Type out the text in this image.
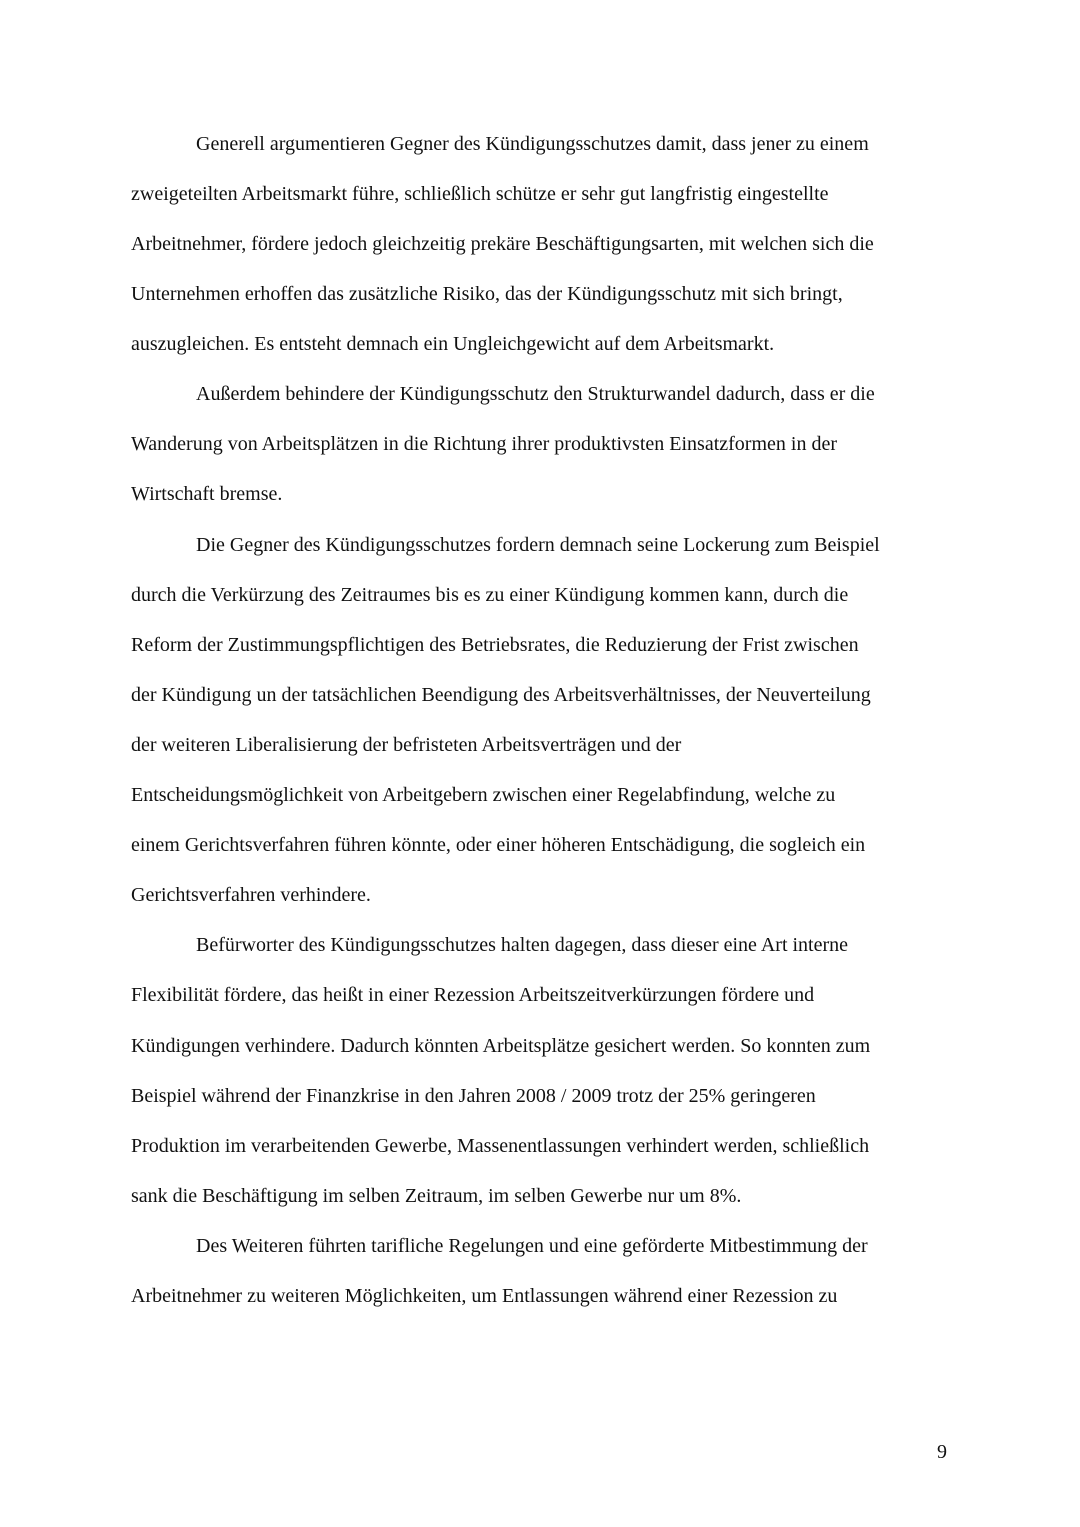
Generell argumentieren Gegner des Kündigungsschutzes damit, dass jener zu einem
zweigeteilten Arbeitsmarkt führe, schließlich schütze er sehr gut langfristig eingestellte
Arbeitnehmer, fördere jedoch gleichzeitig prekäre Beschäftigungsarten, mit welchen sich die
Unternehmen erhoffen das zusätzliche Risiko, das der Kündigungsschutz mit sich bringt,
auszugleichen. Es entsteht demnach ein Ungleichgewicht auf dem Arbeitsmarkt.
Außerdem behindere der Kündigungsschutz den Strukturwandel dadurch, dass er die
Wanderung von Arbeitsplätzen in die Richtung ihrer produktivsten Einsatzformen in der
Wirtschaft bremse.
Die Gegner des Kündigungsschutzes fordern demnach seine Lockerung zum Beispiel
durch die Verkürzung des Zeitraumes bis es zu einer Kündigung kommen kann, durch die
Reform der Zustimmungspflichtigen des Betriebsrates, die Reduzierung der Frist zwischen
der Kündigung un der tatsächlichen Beendigung des Arbeitsverhältnisses, der Neuverteilung
der weiteren Liberalisierung der befristeten Arbeitsverträgen und der
Entscheidungsmöglichkeit von Arbeitgebern zwischen einer Regelabfindung, welche zu
einem Gerichtsverfahren führen könnte, oder einer höheren Entschädigung, die sogleich ein
Gerichtsverfahren verhindere.
Befürworter des Kündigungsschutzes halten dagegen, dass dieser eine Art interne
Flexibilität fördere, das heißt in einer Rezession Arbeitszeitverkürzungen fördere und
Kündigungen verhindere. Dadurch könnten Arbeitsplätze gesichert werden. So konnten zum
Beispiel während der Finanzkrise in den Jahren 2008 / 2009 trotz der 25% geringeren
Produktion im verarbeitenden Gewerbe, Massenentlassungen verhindert werden, schließlich
sank die Beschäftigung im selben Zeitraum, im selben Gewerbe nur um 8%.
Des Weiteren führten tarifliche Regelungen und eine geförderte Mitbestimmung der
Arbeitnehmer zu weiteren Möglichkeiten, um Entlassungen während einer Rezession zu
9
